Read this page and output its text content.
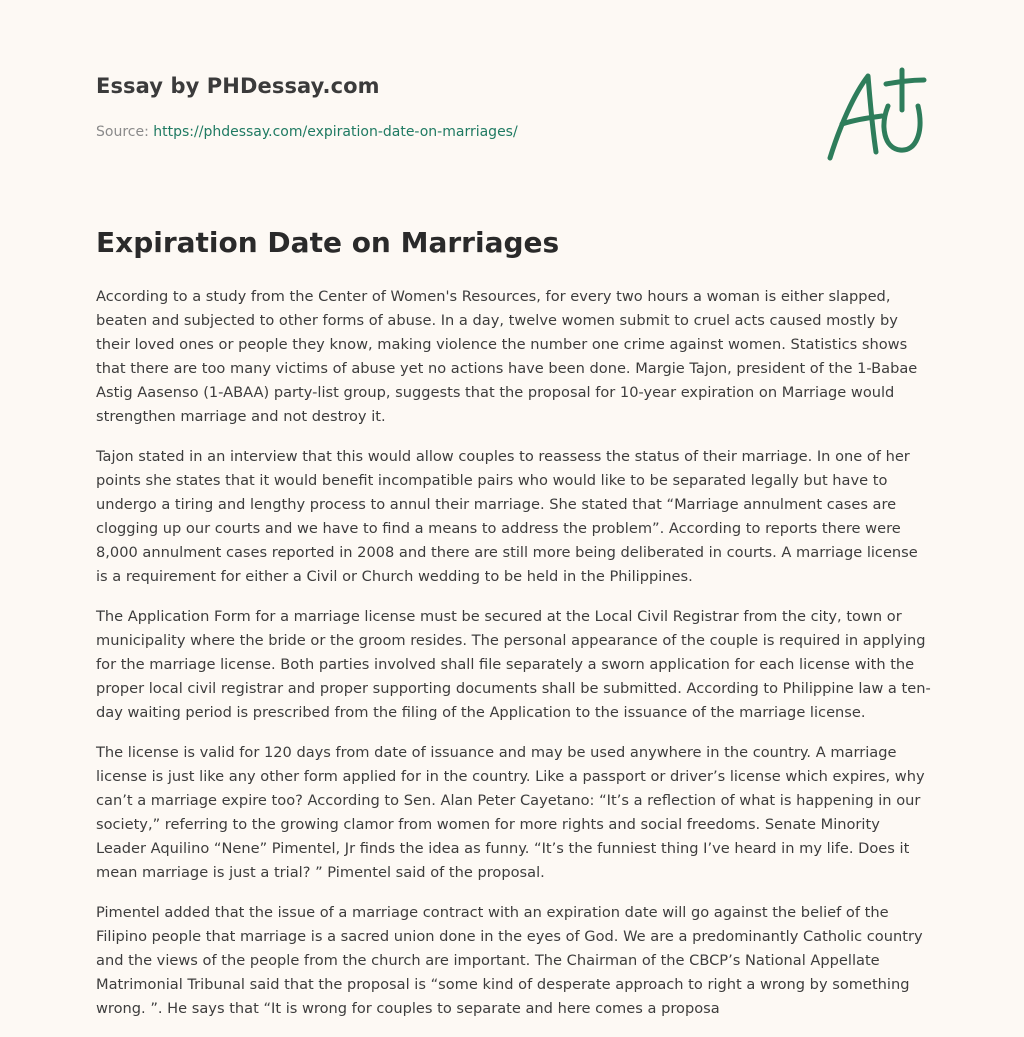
Essay by PHDessay.com
Source: https://phdessay.com/expiration-date-on-marriages/
Expiration Date on Marriages

According to a study from the Center of Women's Resources, for every two hours a woman is either slapped, beaten and subjected to other forms of abuse. In a day, twelve women submit to cruel acts caused mostly by their loved ones or people they know, making violence the number one crime against women. Statistics shows that there are too many victims of abuse yet no actions have been done. Margie Tajon, president of the 1-Babae Astig Aasenso (1-ABAA) party-list group, suggests that the proposal for 10-year expiration on Marriage would strengthen marriage and not destroy it.

Tajon stated in an interview that this would allow couples to reassess the status of their marriage. In one of her points she states that it would benefit incompatible pairs who would like to be separated legally but have to undergo a tiring and lengthy process to annul their marriage. She stated that “Marriage annulment cases are clogging up our courts and we have to find a means to address the problem”. According to reports there were 8,000 annulment cases reported in 2008 and there are still more being deliberated in courts. A marriage license is a requirement for either a Civil or Church wedding to be held in the Philippines.

The Application Form for a marriage license must be secured at the Local Civil Registrar from the city, town or municipality where the bride or the groom resides. The personal appearance of the couple is required in applying for the marriage license. Both parties involved shall file separately a sworn application for each license with the proper local civil registrar and proper supporting documents shall be submitted. According to Philippine law a ten-day waiting period is prescribed from the filing of the Application to the issuance of the marriage license.

The license is valid for 120 days from date of issuance and may be used anywhere in the country. A marriage license is just like any other form applied for in the country. Like a passport or driver’s license which expires, why can’t a marriage expire too? According to Sen. Alan Peter Cayetano: “It’s a reflection of what is happening in our society,” referring to the growing clamor from women for more rights and social freedoms. Senate Minority Leader Aquilino “Nene” Pimentel, Jr finds the idea as funny. “It’s the funniest thing I’ve heard in my life. Does it mean marriage is just a trial? ” Pimentel said of the proposal.

Pimentel added that the issue of a marriage contract with an expiration date will go against the belief of the Filipino people that marriage is a sacred union done in the eyes of God. We are a predominantly Catholic country and the views of the people from the church are important. The Chairman of the CBCP’s National Appellate Matrimonial Tribunal said that the proposal is “some kind of desperate approach to right a wrong by something wrong. ”. He says that “It is wrong for couples to separate and here comes a proposa
